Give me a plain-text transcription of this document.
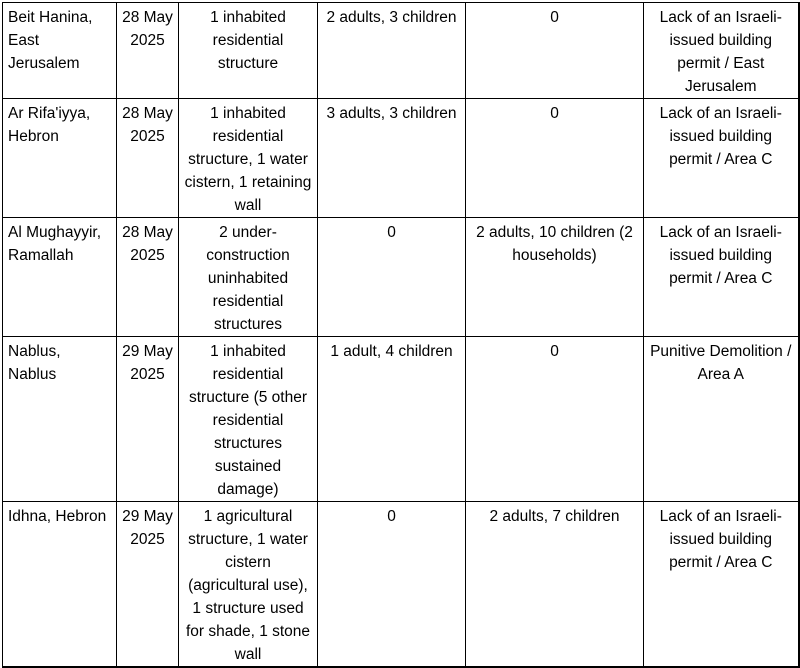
Beit Hanina, East Jerusalem	28 May 2025	1 inhabited residential structure	2 adults, 3 children	0	Lack of an Israeli-issued building permit / East Jerusalem
Ar Rifa'iyya, Hebron	28 May 2025	1 inhabited residential structure, 1 water cistern, 1 retaining wall	3 adults, 3 children	0	Lack of an Israeli-issued building permit / Area C
Al Mughayyir, Ramallah	28 May 2025	2 under-construction uninhabited residential structures	0	2 adults, 10 children (2 households)	Lack of an Israeli-issued building permit / Area C
Nablus, Nablus	29 May 2025	1 inhabited residential structure (5 other residential structures sustained damage)	1 adult, 4 children	0	Punitive Demolition / Area A
Idhna, Hebron	29 May 2025	1 agricultural structure, 1 water cistern (agricultural use), 1 structure used for shade, 1 stone wall	0	2 adults, 7 children	Lack of an Israeli-issued building permit / Area C
